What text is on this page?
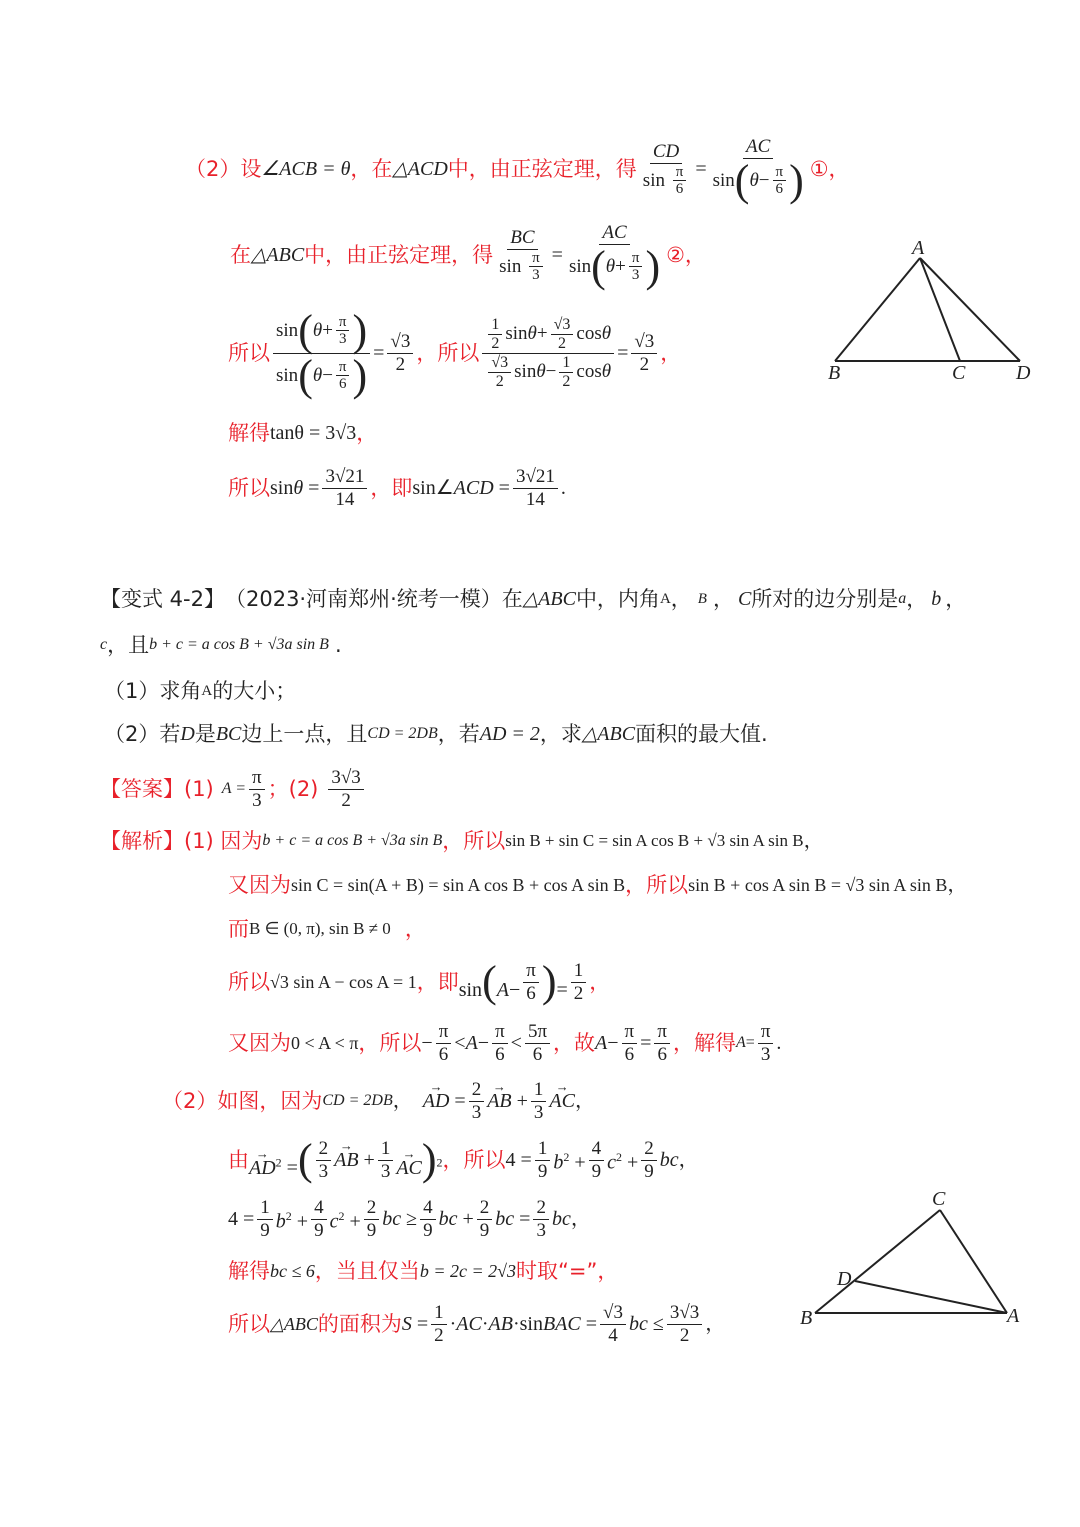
（2）设 ∠ACB = θ ，在 △ACD 中，由正弦定理，得 $\frac{CD}{\sin \frac{\pi}{6}} = \frac{AC}{\sin ( \theta - \frac{\pi}{6} )}$ ①，
在 △ABC 中，由正弦定理，得 $\frac{BC}{\sin \frac{\pi}{3}} = \frac{AC}{\sin ( \theta + \frac{\pi}{3} )}$ ②，
所以 $\frac{\sin ( \theta + \frac{\pi}{3} )}{\sin ( \theta - \frac{\pi}{6} )} = \frac{√3}{2}$ ，所以 $\frac{\frac{1}{2} \sin \theta + \frac{√3}{2} \cos \theta}{\frac{√3}{2} \sin \theta - \frac{1}{2} \cos \theta} = \frac{√3}{2}$ ，
解得 tanθ = 3√3 ，
所以 $\sin\theta = \frac{3√21}{14}$ ，即 sin∠ACD = $\frac{3√21}{14}$ .
A
B	C	D
【变式 4-2】 （2023·河南郑州·统考一模）在 △ABC 中，内角 A ， B ， C 所对的边分别是 a ， b ，
c ，且 b + c = a cos B + √3a sin B .
（1）求角 A 的大小；
（2）若 D 是 BC 边上一点，且 CD = 2DB ，若 AD = 2 ，求 △ABC 面积的最大值.
【答案】 (1) $A = \frac{\pi}{3}$ ； $(2) \frac{3√3}{2}$
【解析】 (1) 因为 b + c = a cos B + √3a sin B ，所以 sin B + sin C = sin A cos B + √3 sin A sin B ，
又因为 sin C = sin(A + B) = sin A cos B + cos A sin B ，所以 sin B + cos A sin B = √3 sin A sin B ，
而 B ∈ (0, π), sin B ≠ 0 ，
所以 √3 sin A − cos A = 1 ，即 $\sin(A- \frac{\pi}{6}$ )= $\frac{1}{2}$ ，
又因为 0 < A < π ，所以 − $\frac{\pi}{6} <A- \frac{\pi}{6} < \frac{5\pi}{6}$ ，故 $A- \frac{\pi}{6} = \frac{\pi}{6}$ ，解得 $A= \frac{\pi}{3}$ .
（2）如图，因为 CD = 2DB ， → AD = $\frac{2}{3}$ → AB + $\frac{1}{3}$ → AC ，
由 → $AD^2$ =( $\frac{2}{3}$ → AB + $\frac{1}{3} \to AC)^2$ ，所以 $4 = \frac{1}{9} b^2 + \frac{4}{9} c^2 + \frac{2}{9}$ bc ，
$4 = \frac{1}{9} b^2 + \frac{4}{9} c^2 + \frac{2}{9}$ bc ≥ $\frac{4}{9}$ bc + $\frac{2}{9}$ bc = $\frac{2}{3}$ bc ，
解得 bc ≤ 6 ，当且仅当 b = 2c = 2√3 时取“=”，
所以 △ABC 的面积为 $S = \frac{1}{2}$ ·AC·AB·sinBAC = $\frac{√3}{4}$ bc ≤ $\frac{3√3}{2}$ ，
C
D
B	A
